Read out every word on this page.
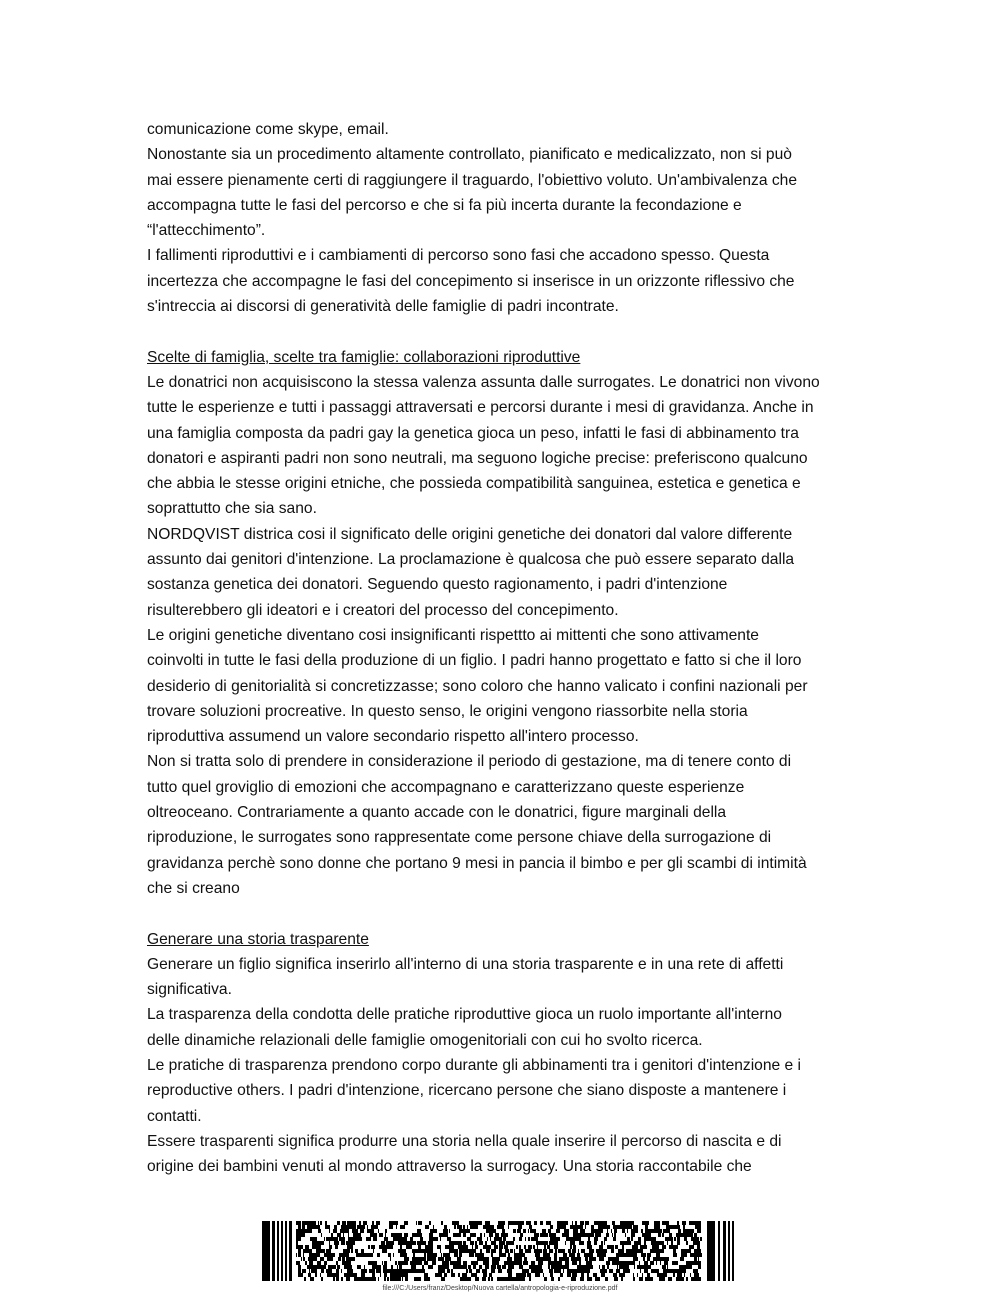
comunicazione come skype, email.
Nonostante sia un procedimento altamente controllato, pianificato e medicalizzato, non si può
mai essere pienamente certi di raggiungere il traguardo, l'obiettivo voluto. Un'ambivalenza che
accompagna tutte le fasi del percorso e che si fa più incerta durante la fecondazione e
“l'attecchimento”.
I fallimenti riproduttivi e i cambiamenti di percorso sono fasi che accadono spesso. Questa
incertezza che accompagne le fasi del concepimento si inserisce in un orizzonte riflessivo che
s'intreccia ai discorsi di generatività delle famiglie di padri incontrate.
Scelte di famiglia, scelte tra famiglie: collaborazioni riproduttive
Le donatrici non acquisiscono la stessa valenza assunta dalle surrogates. Le donatrici non vivono
tutte le esperienze e tutti i passaggi attraversati e percorsi durante i mesi di gravidanza. Anche in
una famiglia composta da padri gay la genetica gioca un peso, infatti le fasi di abbinamento tra
donatori e aspiranti padri non sono neutrali, ma seguono logiche precise: preferiscono qualcuno
che abbia le stesse origini etniche, che possieda compatibilità sanguinea, estetica e genetica e
soprattutto che sia sano.
NORDQVIST districa cosi il significato delle origini genetiche dei donatori dal valore differente
assunto dai genitori d'intenzione. La proclamazione è qualcosa che può essere separato dalla
sostanza genetica dei donatori. Seguendo questo ragionamento, i padri d'intenzione
risulterebbero gli ideatori e i creatori del processo del concepimento.
Le origini genetiche diventano cosi insignificanti rispettto ai mittenti che sono attivamente
coinvolti in tutte le fasi della produzione di un figlio. I padri hanno progettato e fatto si che il loro
desiderio di genitorialità si concretizzasse; sono coloro che hanno valicato i confini nazionali per
trovare soluzioni procreative. In questo senso, le origini vengono riassorbite nella storia
riproduttiva assumend un valore secondario rispetto all'intero processo.
Non si tratta solo di prendere in considerazione il periodo di gestazione, ma di tenere conto di
tutto quel groviglio di emozioni che accompagnano e caratterizzano queste esperienze
oltreoceano. Contrariamente a quanto accade con le donatrici, figure marginali della
riproduzione, le surrogates sono rappresentate come persone chiave della surrogazione di
gravidanza perchè sono donne che portano 9 mesi in pancia il bimbo e per gli scambi di intimità
che si creano
Generare una storia trasparente
Generare un figlio significa inserirlo all'interno di una storia trasparente e in una rete di affetti
significativa.
La trasparenza della condotta delle pratiche riproduttive gioca un ruolo importante all'interno
delle dinamiche relazionali delle famiglie omogenitoriali con cui ho svolto ricerca.
Le pratiche di trasparenza prendono corpo durante gli abbinamenti tra i genitori d'intenzione e i
reproductive others. I padri d'intenzione, ricercano persone che siano disposte a mantenere i
contatti.
Essere trasparenti significa produrre una storia nella quale inserire il percorso di nascita e di
origine dei bambini venuti al mondo attraverso la surrogacy. Una storia raccontabile che
file:///C:/Users/franz/Desktop/Nuova cartella/antropologia-e-riproduzione.pdf
